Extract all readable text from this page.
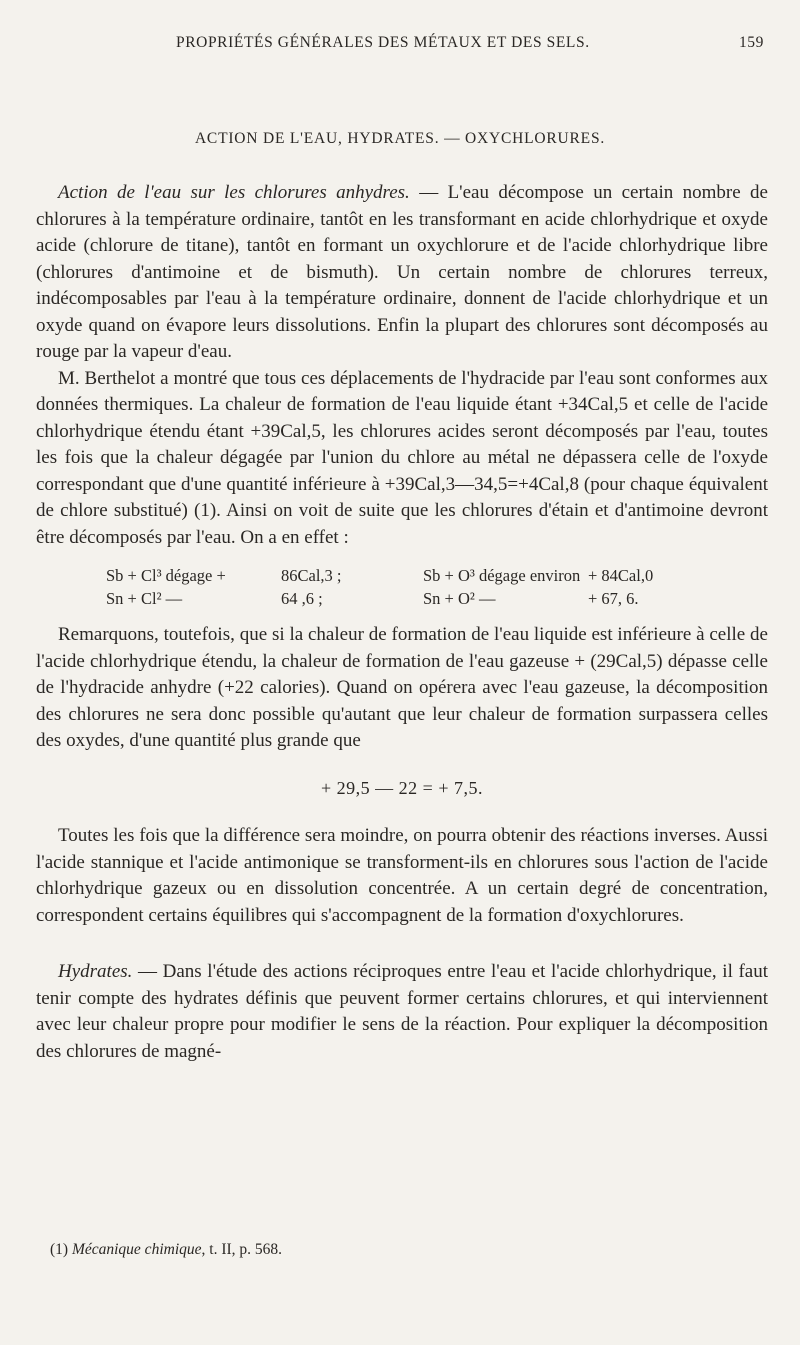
PROPRIÉTÉS GÉNÉRALES DES MÉTAUX ET DES SELS.	159
ACTION DE L'EAU, HYDRATES. — OXYCHLORURES.

Action de l'eau sur les chlorures anhydres. — L'eau décompose un certain nombre de chlorures à la température ordinaire, tantôt en les transformant en acide chlorhydrique et oxyde acide (chlorure de titane), tantôt en formant un oxychlorure et de l'acide chlorhydrique libre (chlorures d'antimoine et de bismuth). Un certain nombre de chlorures terreux, indécomposables par l'eau à la température ordinaire, donnent de l'acide chlorhydrique et un oxyde quand on évapore leurs dissolutions. Enfin la plupart des chlorures sont décomposés au rouge par la vapeur d'eau.

M. Berthelot a montré que tous ces déplacements de l'hydracide par l'eau sont conformes aux données thermiques. La chaleur de formation de l'eau liquide étant +34Cal,5 et celle de l'acide chlorhydrique étendu étant +39Cal,5, les chlorures acides seront décomposés par l'eau, toutes les fois que la chaleur dégagée par l'union du chlore au métal ne dépassera celle de l'oxyde correspondant que d'une quantité inférieure à +39Cal,3—34,5=+4Cal,8 (pour chaque équivalent de chlore substitué) (1). Ainsi on voit de suite que les chlorures d'étain et d'antimoine devront être décomposés par l'eau. On a en effet :

Sb + Cl³ dégage +	86Cal,3 ;	Sb + O³ dégage environ + 84Cal,0
Sn + Cl² —	64 ,6 ;	Sn + O² —	+ 67, 6.

Remarquons, toutefois, que si la chaleur de formation de l'eau liquide est inférieure à celle de l'acide chlorhydrique étendu, la chaleur de formation de l'eau gazeuse + (29Cal,5) dépasse celle de l'hydracide anhydre (+22 calories). Quand on opérera avec l'eau gazeuse, la décomposition des chlorures ne sera donc possible qu'autant que leur chaleur de formation surpassera celles des oxydes, d'une quantité plus grande que

+ 29,5 — 22 = + 7,5.

Toutes les fois que la différence sera moindre, on pourra obtenir des réactions inverses. Aussi l'acide stannique et l'acide antimonique se transforment-ils en chlorures sous l'action de l'acide chlorhydrique gazeux ou en dissolution concentrée. A un certain degré de concentration, correspondent certains équilibres qui s'accompagnent de la formation d'oxychlorures.

Hydrates. — Dans l'étude des actions réciproques entre l'eau et l'acide chlorhydrique, il faut tenir compte des hydrates définis que peuvent former certains chlorures, et qui interviennent avec leur chaleur propre pour modifier le sens de la réaction. Pour expliquer la décomposition des chlorures de magné-

(1) Mécanique chimique, t. II, p. 568.
